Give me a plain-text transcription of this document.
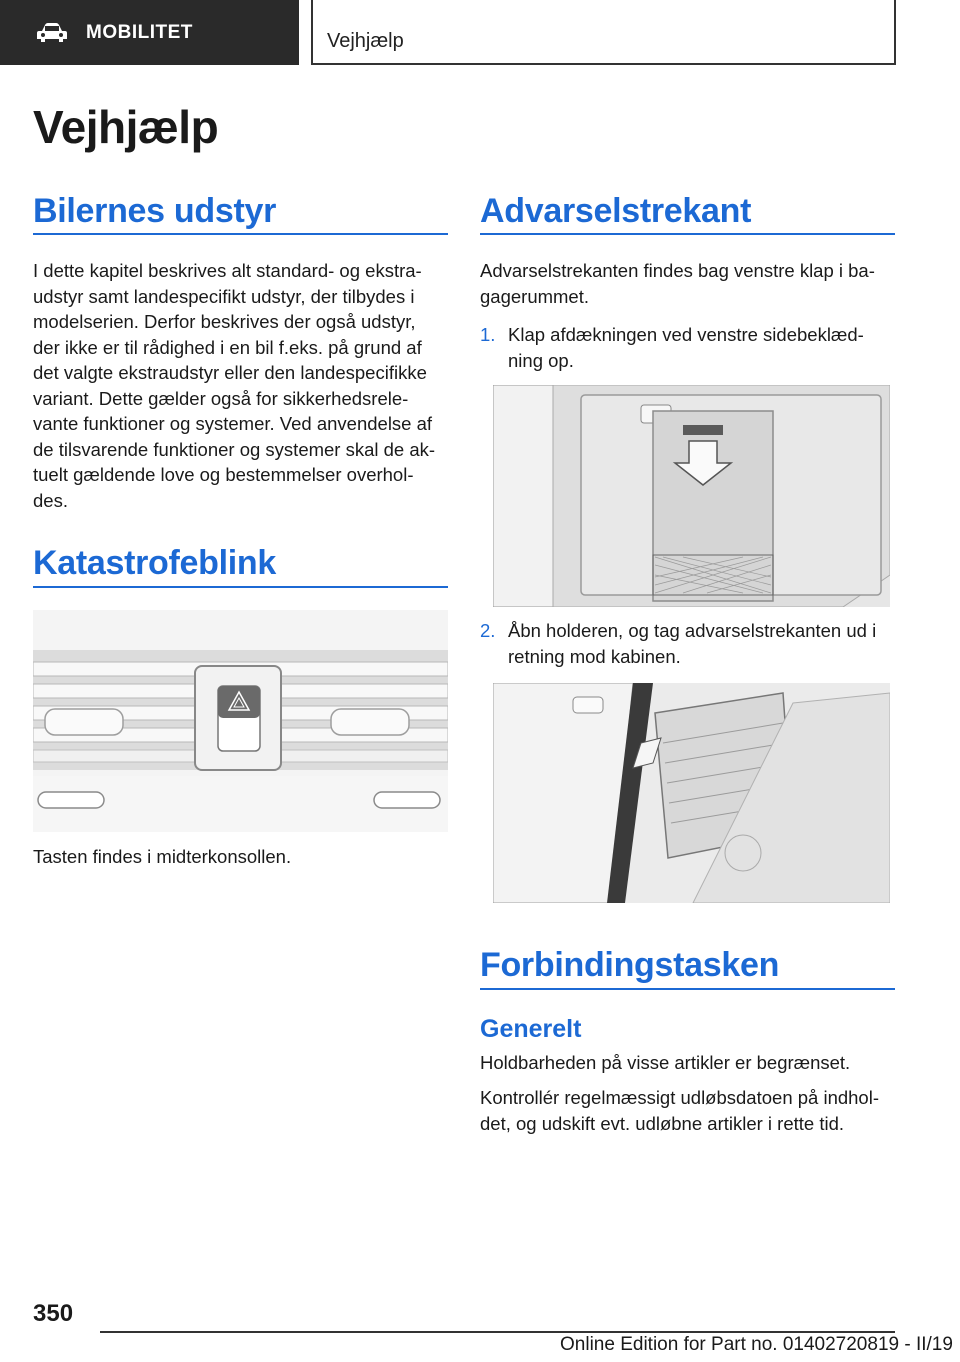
MOBILITET	Vejhjælp
Vejhjælp
Bilernes udstyr
I dette kapitel beskrives alt standard- og ekstra-
udstyr samt landespecifikt udstyr, der tilbydes i
modelserien. Derfor beskrives der også udstyr,
der ikke er til rådighed i en bil f.eks. på grund af
det valgte ekstraudstyr eller den landespecifikke
variant. Dette gælder også for sikkerhedsrele-
vante funktioner og systemer. Ved anvendelse af
de tilsvarende funktioner og systemer skal de ak-
tuelt gældende love og bestemmelser overhol-
des.
Katastrofeblink
Tasten findes i midterkonsollen.
Advarselstrekant
Advarselstrekanten findes bag venstre klap i ba-
gagerummet.
1. Klap afdækningen ved venstre sidebeklæd-
ning op.
2. Åbn holderen, og tag advarselstrekanten ud i
retning mod kabinen.
Forbindingstasken
Generelt
Holdbarheden på visse artikler er begrænset.
Kontrollér regelmæssigt udløbsdatoen på indhol-
det, og udskift evt. udløbne artikler i rette tid.
350
Online Edition for Part no. 01402720819 - II/19
